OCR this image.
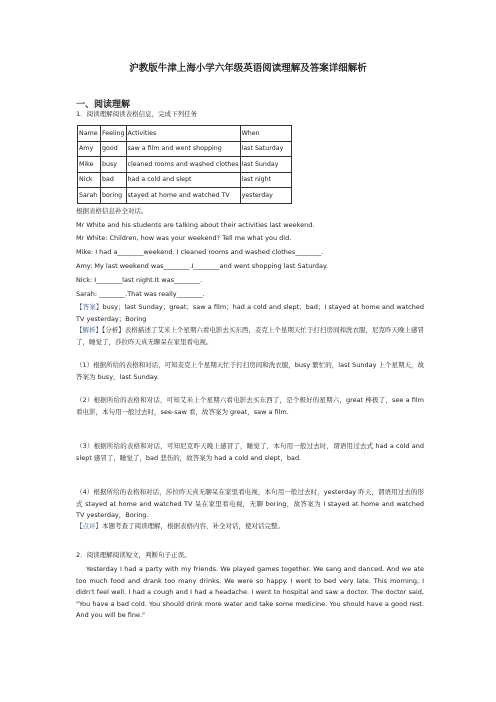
沪教版牛津上海小学六年级英语阅读理解及答案详细解析
一、阅读理解
1．阅读理解阅读表格信息，完成下列任务
Name	Feeling	Activities	When
Amy	good	saw a film and went shopping	last Saturday
Mike	busy	cleaned rooms and washed clothes	last Sunday
Nick	bad	had a cold and slept	last night
Sarah	boring	stayed at home and watched TV	yesterday
根据表格信息补全对话。
Mr White and his students are talking about their activities last weekend.
Mr White: Children, how was your weekend? Tell me what you did.
Mike: I had a________weekend. I cleaned rooms and washed clothes________.
Amy: My last weekend was________.I________and went shopping last Saturday.
Nick: I________last night.It was________.
Sarah: ________.That was really________.
【答案】busy；last Sunday；great；saw a film；had a cold and slept；bad；I stayed at home and watched TV yesterday；Boring
【解析】【分析】表格描述了艾米上个星期六看电影去买东西，麦克上个星期天忙于打扫房间和洗衣服，尼克昨天晚上感冒了，睡觉了，莎拉昨天真无聊呆在家里看电视。
（1）根据所给的表格和对话，可知麦克上个星期天忙于打扫房间和洗衣服，busy 繁忙的，last Sunday 上个星期天，故答案为 busy，last Sunday.
（2）根据所给的表格和对话，可知艾米上个星期六看电影去买东西了，是个极好的星期六，great 棒极了，see a film 看电影，本句用一般过去时，see-saw 看，故答案为 great，saw a film.
（3）根据所给的表格和对话，可知尼克昨天晚上感冒了，睡觉了，本句用一般过去时，谓语用过去式 had a cold and slept 感冒了，睡觉了，bad 悲伤的，故答案为 had a cold and slept，bad.
（4）根据所给的表格和对话，莎拉昨天真无聊呆在家里看电视，本句用一般过去时，yesterday 昨天，谓语用过去的形式 stayed at home and watched TV 呆在家里看电视，无聊 boring，故答案为 I stayed at home and watched TV yesterday，Boring.
【点评】本题考查了阅读理解，根据表格内容，补全对话，使对话完整。
2．阅读理解阅读短文，判断句子正误。
Yesterday I had a party with my friends. We played games together. We sang and danced. And we ate too much food and drank too many drinks. We were so happy. I went to bed very late. This morning, I didn't feel well. I had a cough and I had a headache. I went to hospital and saw a doctor. The doctor said, "You have a bad cold. You should drink more water and take some medicine. You should have a good rest. And you will be fine."
